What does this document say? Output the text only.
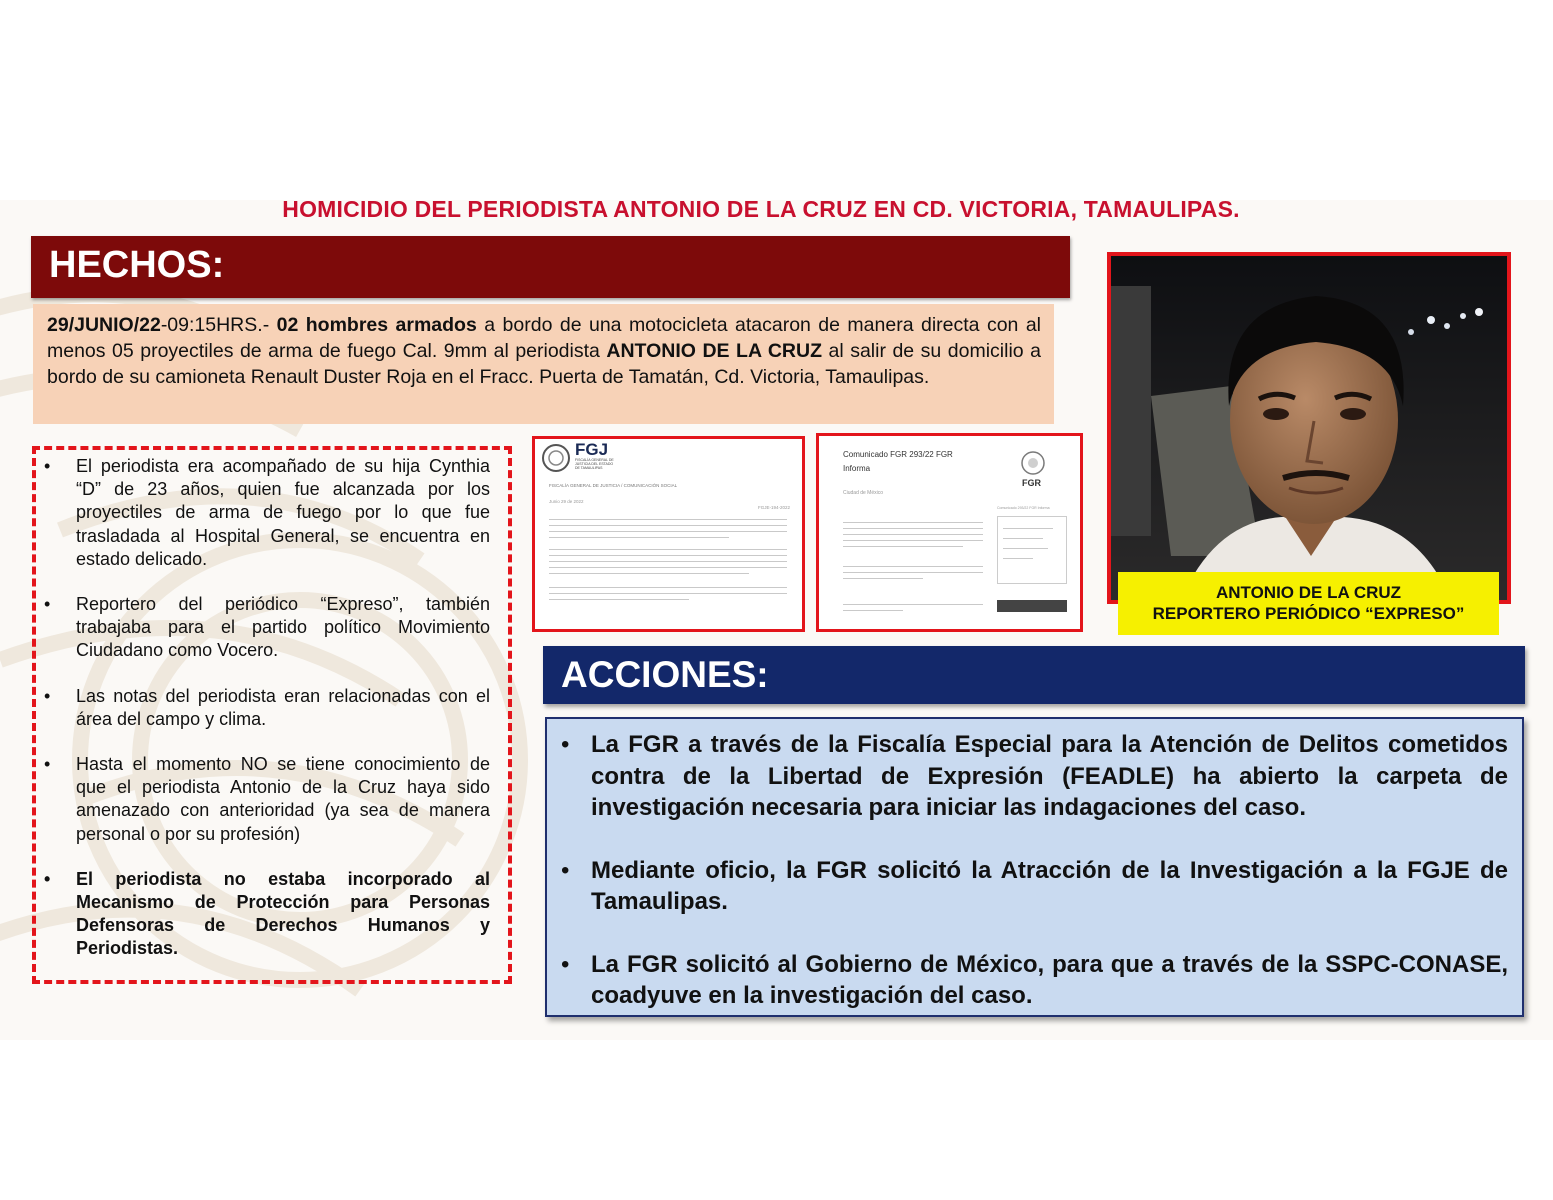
HOMICIDIO DEL PERIODISTA ANTONIO DE LA CRUZ EN CD. VICTORIA, TAMAULIPAS.
HECHOS:
29/JUNIO/22-09:15HRS.- 02 hombres armados a bordo de una motocicleta atacaron de manera directa con al menos 05 proyectiles de arma de fuego Cal. 9mm al periodista ANTONIO DE LA CRUZ al salir de su domicilio a bordo de su camioneta Renault Duster Roja en el Fracc. Puerta de Tamatán, Cd. Victoria, Tamaulipas.
• El periodista era acompañado de su hija Cynthia “D” de 23 años, quien fue alcanzada por los proyectiles de arma de fuego por lo que fue trasladada al Hospital General, se encuentra en estado delicado.
• Reportero del periódico “Expreso”, también trabajaba para el partido político Movimiento Ciudadano como Vocero.
• Las notas del periodista eran relacionadas con el área del campo y clima.
• Hasta el momento NO se tiene conocimiento de que el periodista Antonio de la Cruz haya sido amenazado con anterioridad (ya sea de manera personal o por su profesión)
• El periodista no estaba incorporado al Mecanismo de Protección para Personas Defensoras de Derechos Humanos y Periodistas.
FGJ
FISCALÍA GENERAL DE
JUSTICIA DEL ESTADO
DE TAMAULIPAS
FISCALÍA GENERAL DE JUSTICIA / COMUNICACIÓN SOCIAL
Junio 29 de 2022
FGJE-194-2022
Comunicado FGR 293/22 FGR
Informa
Ciudad de México
FGR
Comunicado 293/22 FGR Informa
ANTONIO DE LA CRUZ
REPORTERO PERIÓDICO “EXPRESO”
ACCIONES:
• La FGR a través de la Fiscalía Especial para la Atención de Delitos cometidos contra de la Libertad de Expresión (FEADLE) ha abierto la carpeta de investigación necesaria para iniciar las indagaciones del caso.
• Mediante oficio, la FGR solicitó la Atracción de la Investigación a la FGJE de Tamaulipas.
• La FGR solicitó al Gobierno de México, para que a través de la SSPC-CONASE, coadyuve en la investigación del caso.
